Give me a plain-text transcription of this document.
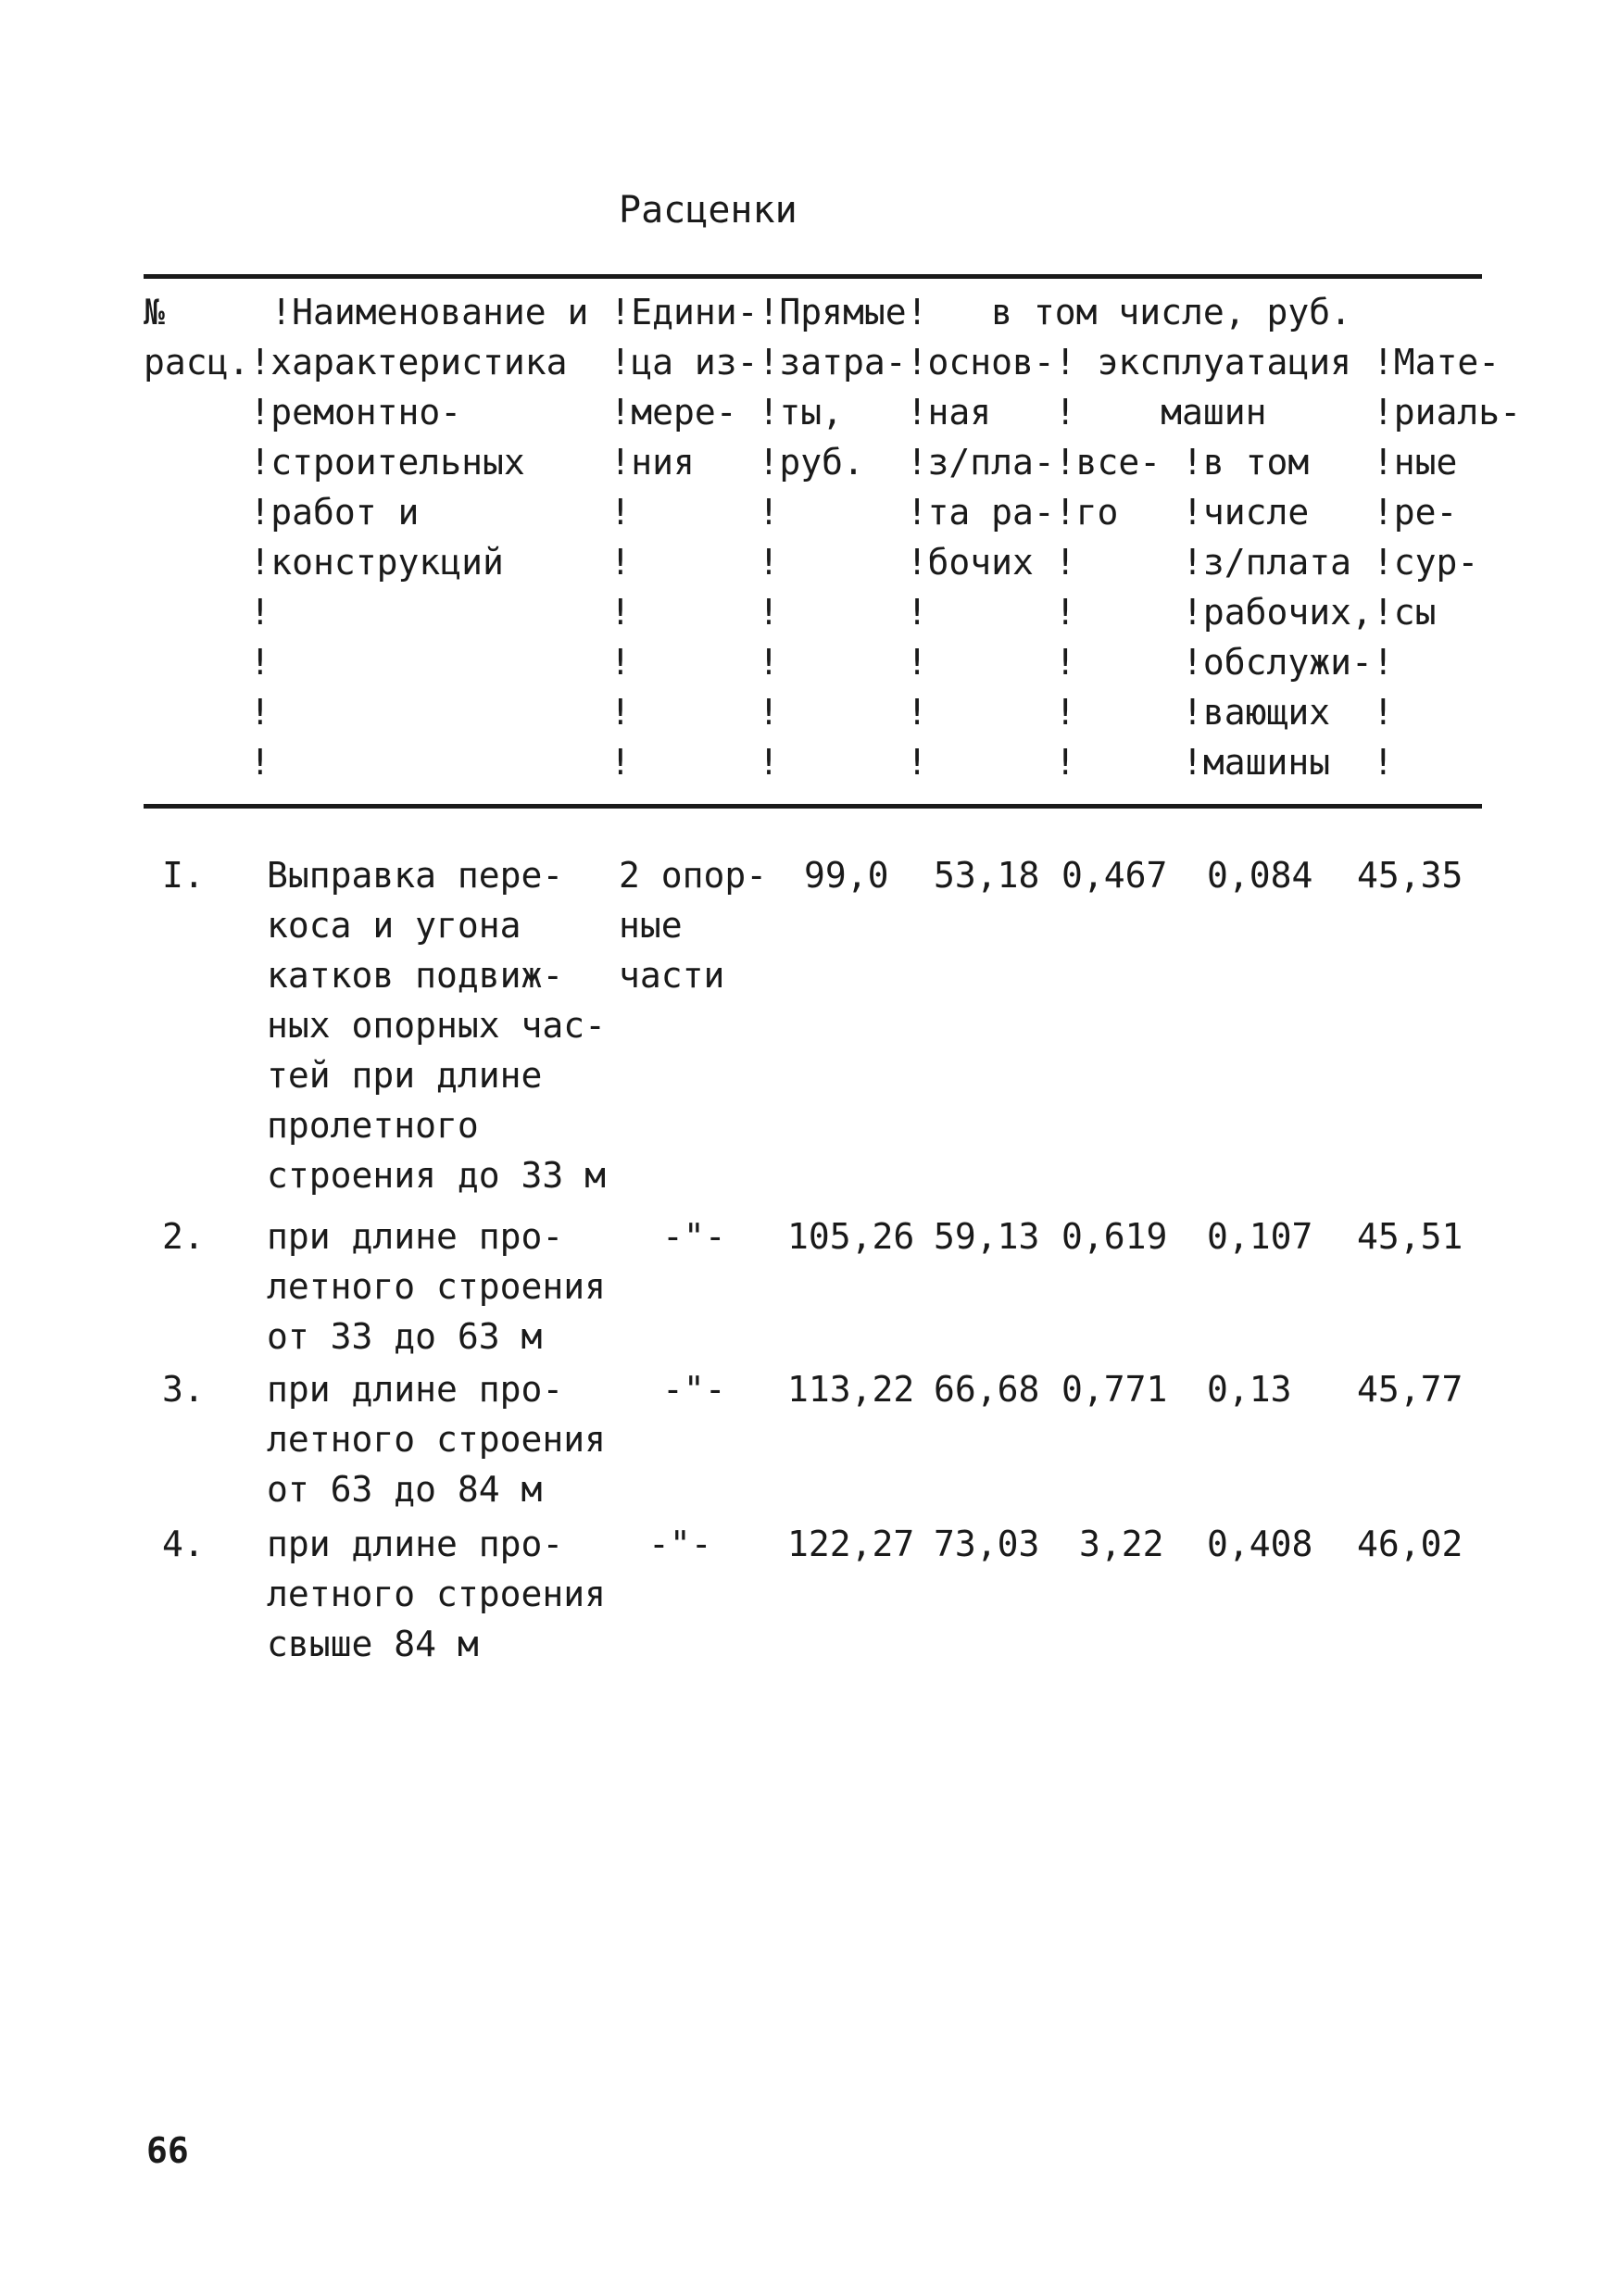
Расценки
№     !Наименование и !Едини-!Прямые!   в том числе, руб.
расц.!характеристика  !ца из-!затра-!основ-! эксплуатация !Мате-
!ремонтно-       !мере- !ты,   !ная   !    машин     !риаль-
!строительных    !ния   !руб.  !з/пла-!все- !в том   !ные
!работ и         !      !      !та ра-!го   !числе   !ре-
!конструкций     !      !      !бочих !     !з/плата !сур-
!                !      !      !      !     !рабочих,!сы
!                !      !      !      !     !обслужи-!
!                !      !      !      !     !вающих  !
!                !      !      !      !     !машины  !
I. Выправка пере-
коса и угона
катков подвиж-
ных опорных час-
тей при длине
пролетного
строения до 33 м
2 опор-
ные
части
99,0 53,18 0,467 0,084 45,35
2. при длине про-
летного строения
от 33 до 63 м
-"- 105,26 59,13 0,619 0,107 45,51
3. при длине про-
летного строения
от 63 до 84 м
-"- 113,22 66,68 0,771 0,13 45,77
4. при длине про-
летного строения
свыше 84 м
-"- 122,27 73,03 3,22 0,408 46,02
66
